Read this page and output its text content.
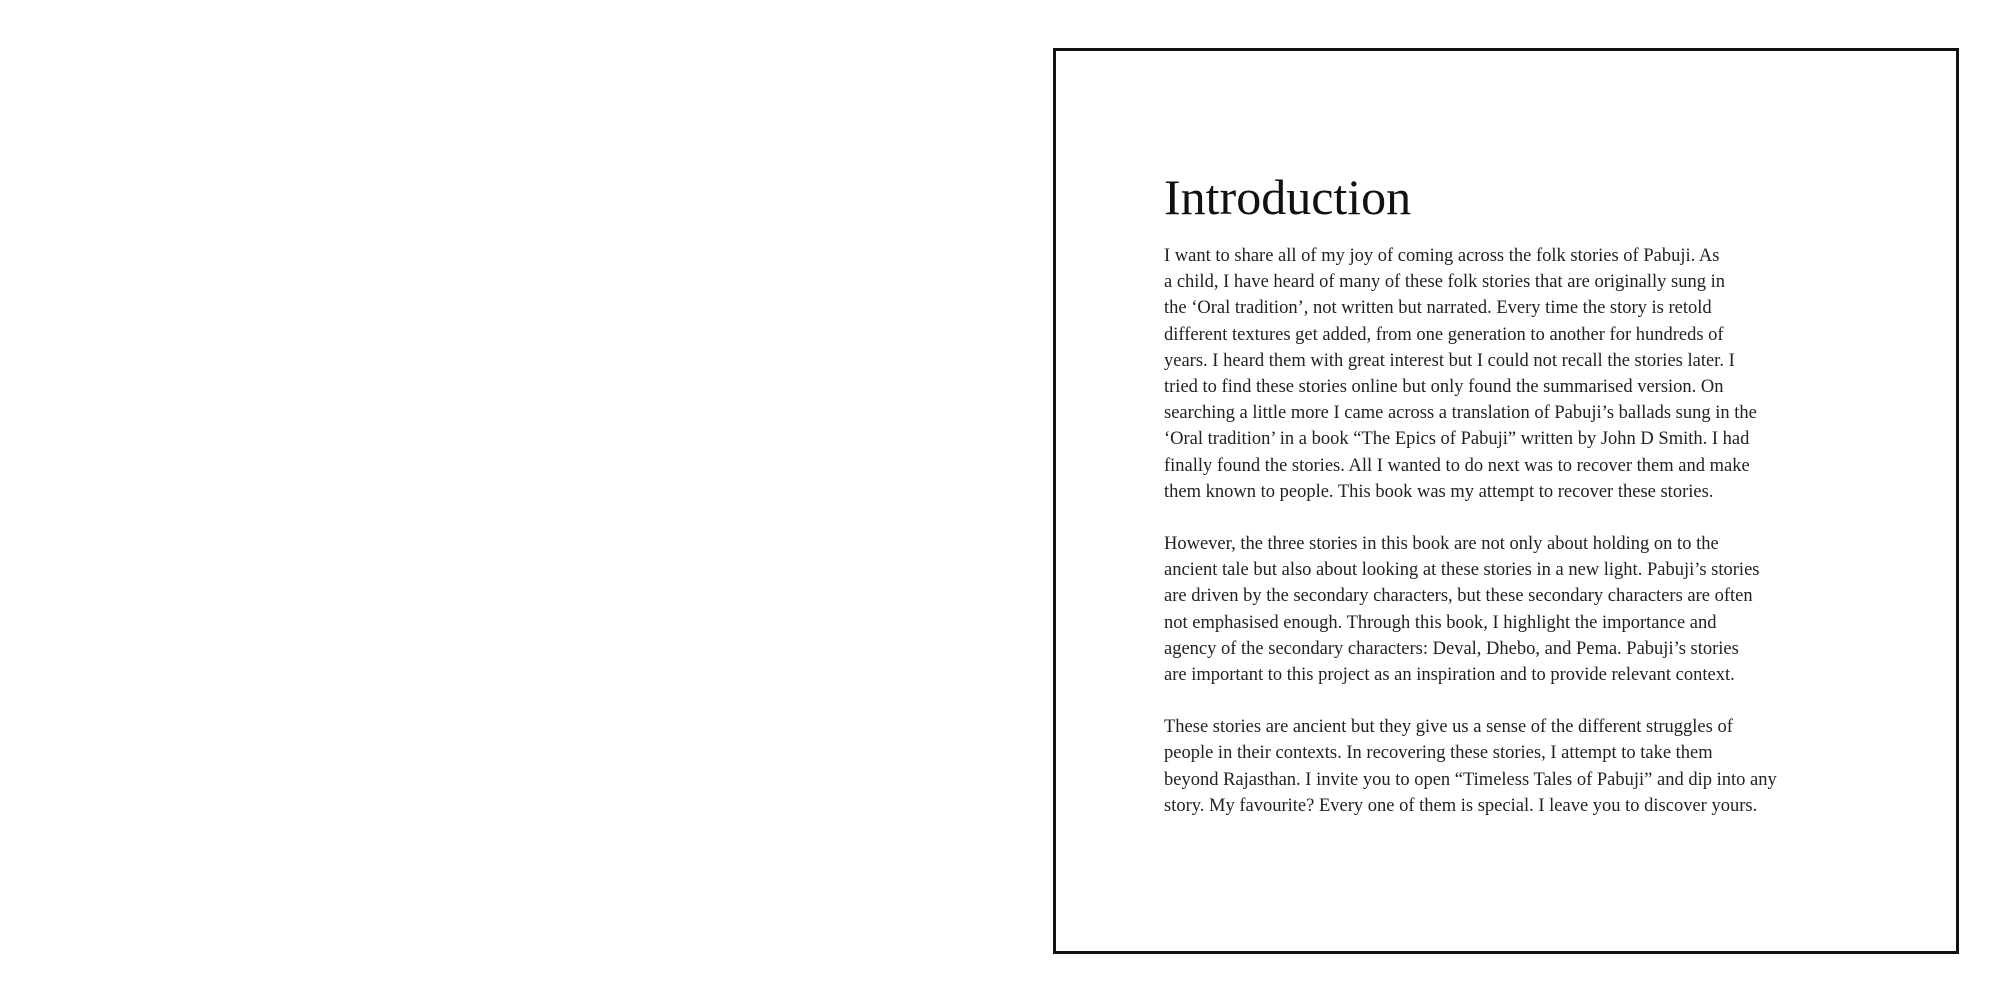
Introduction

I want to share all of my joy of coming across the folk stories of Pabuji. As
a child, I have heard of many of these folk stories that are originally sung in
the ‘Oral tradition’, not written but narrated. Every time the story is retold
different textures get added, from one generation to another for hundreds of
years. I heard them with great interest but I could not recall the stories later. I
tried to find these stories online but only found the summarised version. On
searching a little more I came across a translation of Pabuji’s ballads sung in the
‘Oral tradition’ in a book “The Epics of Pabuji” written by John D Smith. I had
finally found the stories. All I wanted to do next was to recover them and make
them known to people. This book was my attempt to recover these stories.

However, the three stories in this book are not only about holding on to the
ancient tale but also about looking at these stories in a new light. Pabuji’s stories
are driven by the secondary characters, but these secondary characters are often
not emphasised enough. Through this book, I highlight the importance and
agency of the secondary characters: Deval, Dhebo, and Pema. Pabuji’s stories
are important to this project as an inspiration and to provide relevant context.

These stories are ancient but they give us a sense of the different struggles of
people in their contexts. In recovering these stories, I attempt to take them
beyond Rajasthan. I invite you to open “Timeless Tales of Pabuji” and dip into any
story. My favourite? Every one of them is special. I leave you to discover yours.
